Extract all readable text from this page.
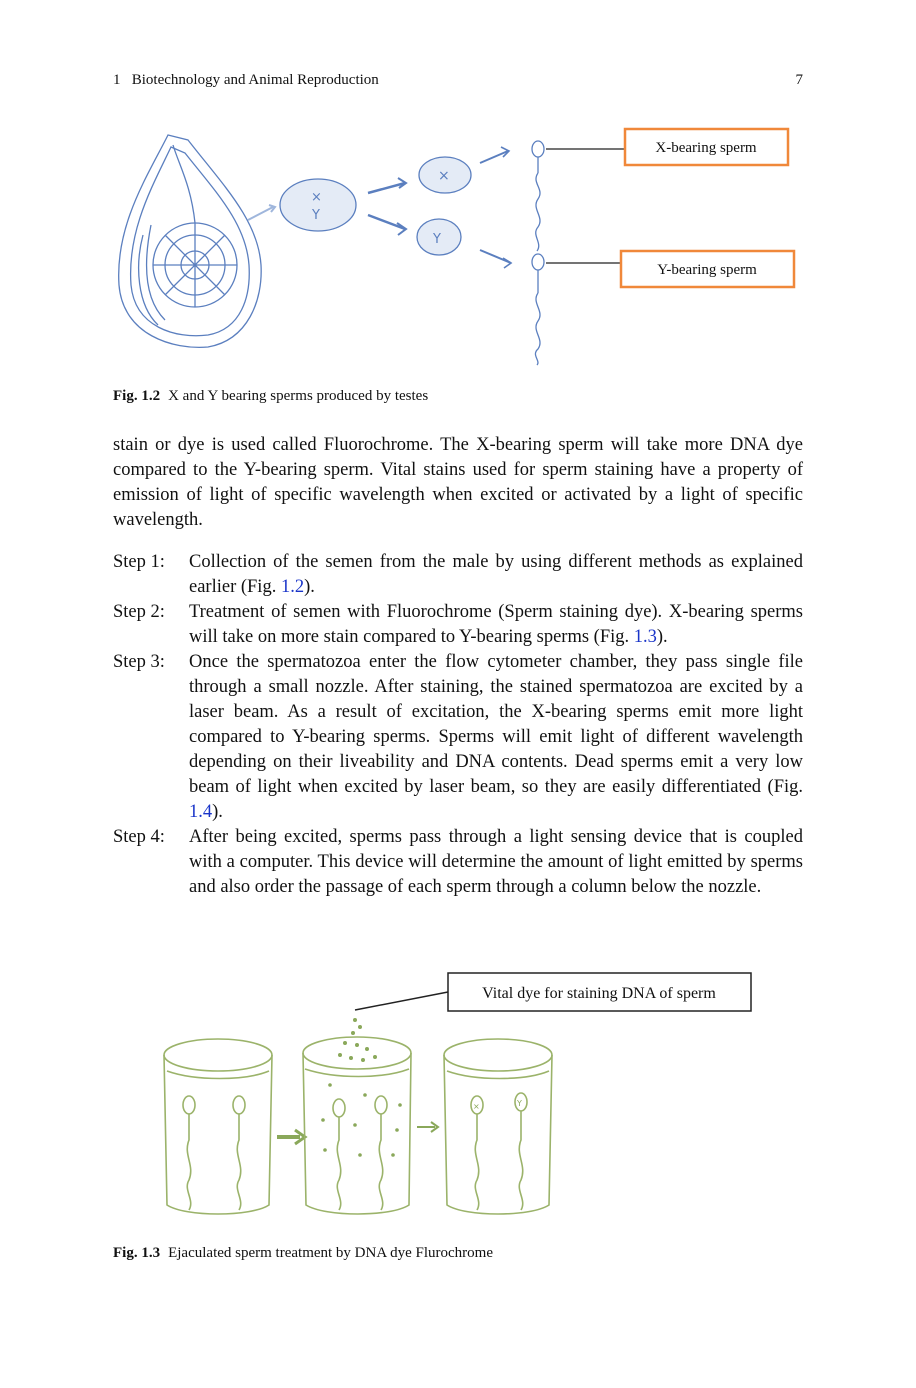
1   Biotechnology and Animal Reproduction	7
×
Y
×
Y
X-bearing sperm
Y-bearing sperm
Fig. 1.2 X and Y bearing sperms produced by testes
stain or dye is used called Fluorochrome. The X-bearing sperm will take more DNA dye compared to the Y-bearing sperm. Vital stains used for sperm staining have a property of emission of light of specific wavelength when excited or activated by a light of specific wavelength.
Step 1:	Collection of the semen from the male by using different methods as explained earlier (Fig. 1.2).
Step 2:	Treatment of semen with Fluorochrome (Sperm staining dye). X-bearing sperms will take on more stain compared to Y-bearing sperms (Fig. 1.3).
Step 3:	Once the spermatozoa enter the flow cytometer chamber, they pass single file through a small nozzle. After staining, the stained spermatozoa are excited by a laser beam. As a result of excitation, the X-bearing sperms emit more light compared to Y-bearing sperms. Sperms will emit light of different wavelength depending on their liveability and DNA contents. Dead sperms emit a very low beam of light when excited by laser beam, so they are easily differentiated (Fig. 1.4).
Step 4:	After being excited, sperms pass through a light sensing device that is coupled with a computer. This device will determine the amount of light emitted by sperms and also order the passage of each sperm through a column below the nozzle.
Vital dye for staining DNA of sperm
×	Y
Fig. 1.3 Ejaculated sperm treatment by DNA dye Flurochrome
